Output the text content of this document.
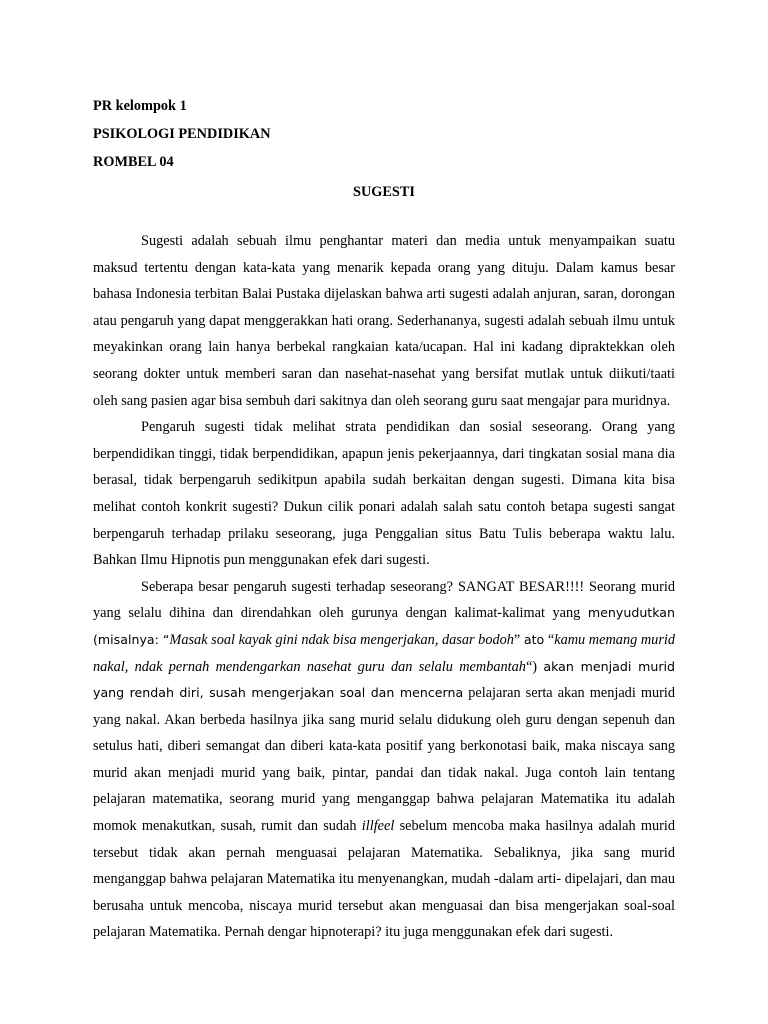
PR kelompok 1

PSIKOLOGI PENDIDIKAN

ROMBEL 04

SUGESTI

Sugesti adalah sebuah ilmu penghantar materi dan media untuk menyampaikan suatu maksud tertentu dengan kata-kata yang menarik kepada orang yang dituju. Dalam kamus besar bahasa Indonesia terbitan Balai Pustaka dijelaskan bahwa arti sugesti adalah anjuran, saran, dorongan atau pengaruh yang dapat menggerakkan hati orang. Sederhananya, sugesti adalah sebuah ilmu untuk meyakinkan orang lain hanya berbekal rangkaian kata/ucapan. Hal ini kadang dipraktekkan oleh seorang dokter untuk memberi saran dan nasehat-nasehat yang bersifat mutlak untuk diikuti/taati oleh sang pasien agar bisa sembuh dari sakitnya dan oleh seorang guru saat mengajar para muridnya.

Pengaruh sugesti tidak melihat strata pendidikan dan sosial seseorang. Orang yang berpendidikan tinggi, tidak berpendidikan, apapun jenis pekerjaannya, dari tingkatan sosial mana dia berasal, tidak berpengaruh sedikitpun apabila sudah berkaitan dengan sugesti. Dimana kita bisa melihat contoh konkrit sugesti? Dukun cilik ponari adalah salah satu contoh betapa sugesti sangat berpengaruh terhadap prilaku seseorang, juga Penggalian situs Batu Tulis beberapa waktu lalu. Bahkan Ilmu Hipnotis pun menggunakan efek dari sugesti.

Seberapa besar pengaruh sugesti terhadap seseorang? SANGAT BESAR!!!! Seorang murid yang selalu dihina dan direndahkan oleh gurunya dengan kalimat-kalimat yang menyudutkan (misalnya: “Masak soal kayak gini ndak bisa mengerjakan, dasar bodoh” ato “kamu memang murid nakal, ndak pernah mendengarkan nasehat guru dan selalu membantah“) akan menjadi murid yang rendah diri, susah mengerjakan soal dan mencerna pelajaran serta akan menjadi murid yang nakal. Akan berbeda hasilnya jika sang murid selalu didukung oleh guru dengan sepenuh dan setulus hati, diberi semangat dan diberi kata-kata positif yang berkonotasi baik, maka niscaya sang murid akan menjadi murid yang baik, pintar, pandai dan tidak nakal. Juga contoh lain tentang pelajaran matematika, seorang murid yang menganggap bahwa pelajaran Matematika itu adalah momok menakutkan, susah, rumit dan sudah illfeel sebelum mencoba maka hasilnya adalah murid tersebut tidak akan pernah menguasai pelajaran Matematika. Sebaliknya, jika sang murid menganggap bahwa pelajaran Matematika itu menyenangkan, mudah -dalam arti- dipelajari, dan mau berusaha untuk mencoba, niscaya murid tersebut akan menguasai dan bisa mengerjakan soal-soal pelajaran Matematika. Pernah dengar hipnoterapi? itu juga menggunakan efek dari sugesti.
